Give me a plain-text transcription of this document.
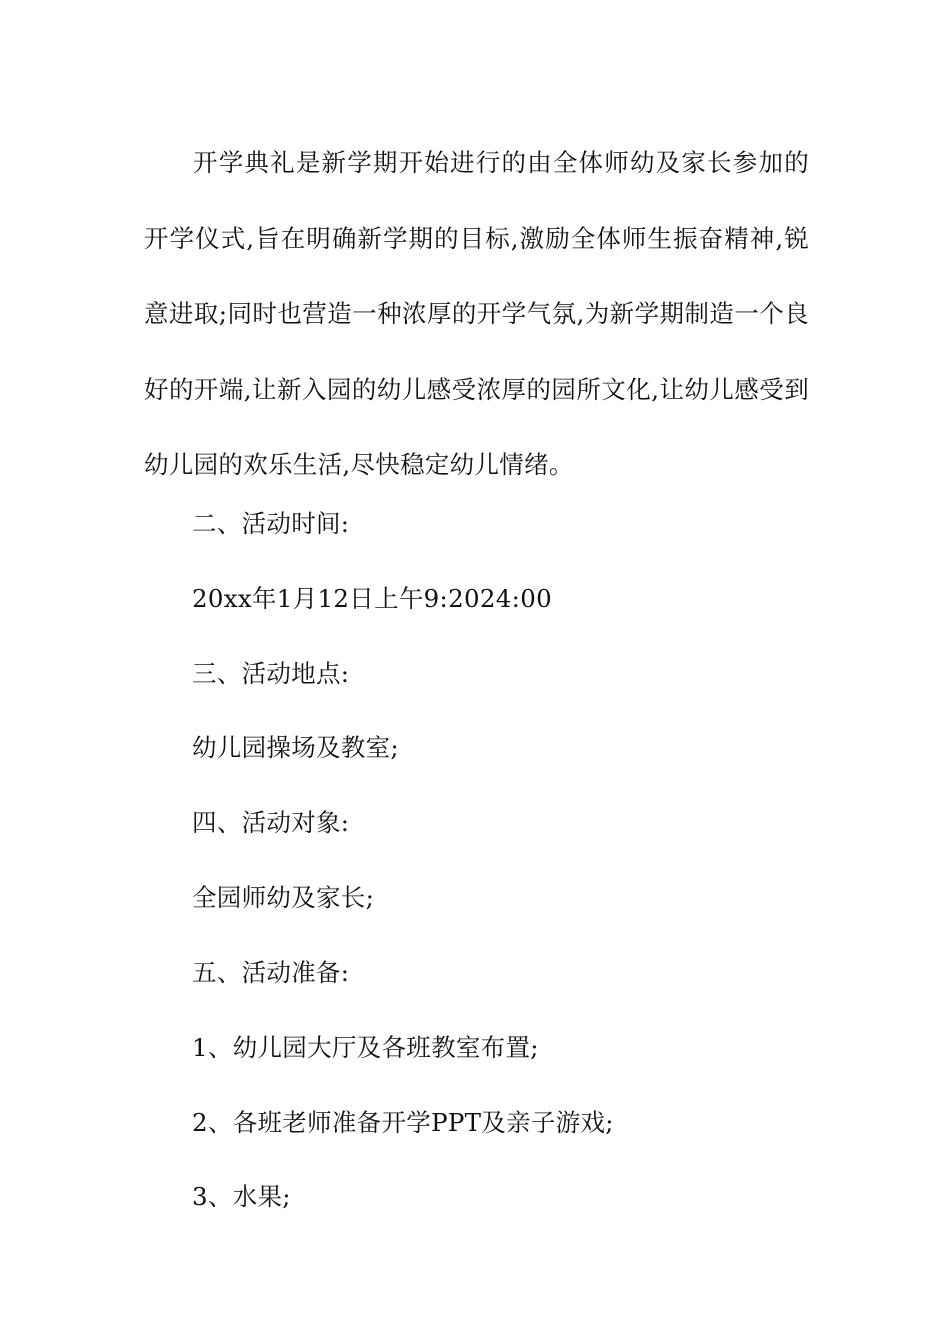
开学典礼是新学期开始进行的由全体师幼及家长参加的开学仪式,旨在明确新学期的目标,激励全体师生振奋精神,锐意进取;同时也营造一种浓厚的开学气氛,为新学期制造一个良好的开端,让新入园的幼儿感受浓厚的园所文化,让幼儿感受到幼儿园的欢乐生活,尽快稳定幼儿情绪。

二、活动时间:

20xx年1月12日上午9:2024:00

三、活动地点:

幼儿园操场及教室;

四、活动对象:

全园师幼及家长;

五、活动准备:

1、幼儿园大厅及各班教室布置;

2、各班老师准备开学PPT及亲子游戏;

3、水果;
